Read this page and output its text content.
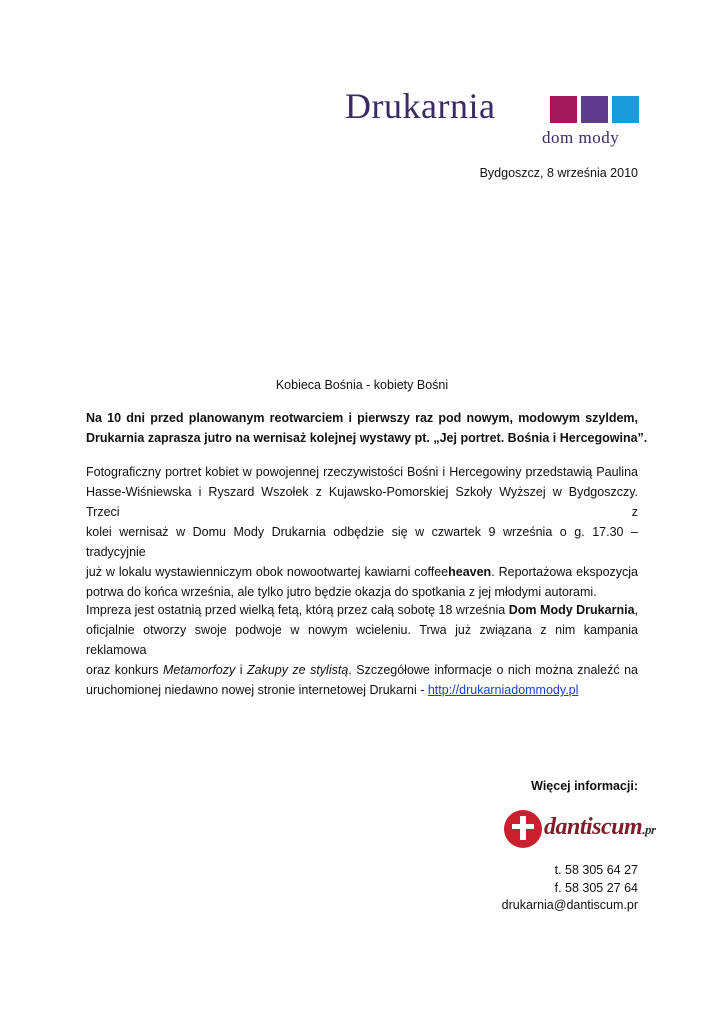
Drukarnia
dom mody
Bydgoszcz, 8 września 2010
Kobieca Bośnia - kobiety Bośni
Na 10 dni przed planowanym reotwarciem i pierwszy raz pod nowym, modowym szyldem,
Drukarnia zaprasza jutro na wernisaż kolejnej wystawy pt. „Jej portret. Bośnia i Hercegowina”.
Fotograficzny portret kobiet w powojennej rzeczywistości Bośni i Hercegowiny przedstawią Paulina
Hasse-Wiśniewska i Ryszard Wszołek z Kujawsko-Pomorskiej Szkoły Wyższej w Bydgoszczy. Trzeci z
kolei wernisaż w Domu Mody Drukarnia odbędzie się w czwartek 9 września o g. 17.30 – tradycyjnie
już w lokalu wystawienniczym obok nowootwartej kawiarni coffeeheaven. Reportażowa ekspozycja
potrwa do końca września, ale tylko jutro będzie okazja do spotkania z jej młodymi autorami.
Impreza jest ostatnią przed wielką fetą, którą przez całą sobotę 18 września Dom Mody Drukarnia,
oficjalnie otworzy swoje podwoje w nowym wcieleniu. Trwa już związana z nim kampania reklamowa
oraz konkurs Metamorfozy i Zakupy ze stylistą. Szczegółowe informacje o nich można znaleźć na
uruchomionej niedawno nowej stronie internetowej Drukarni - http://drukarniadommody.pl
Więcej informacji:
dantiscum.pr
t. 58 305 64 27
f. 58 305 27 64
drukarnia@dantiscum.pr
